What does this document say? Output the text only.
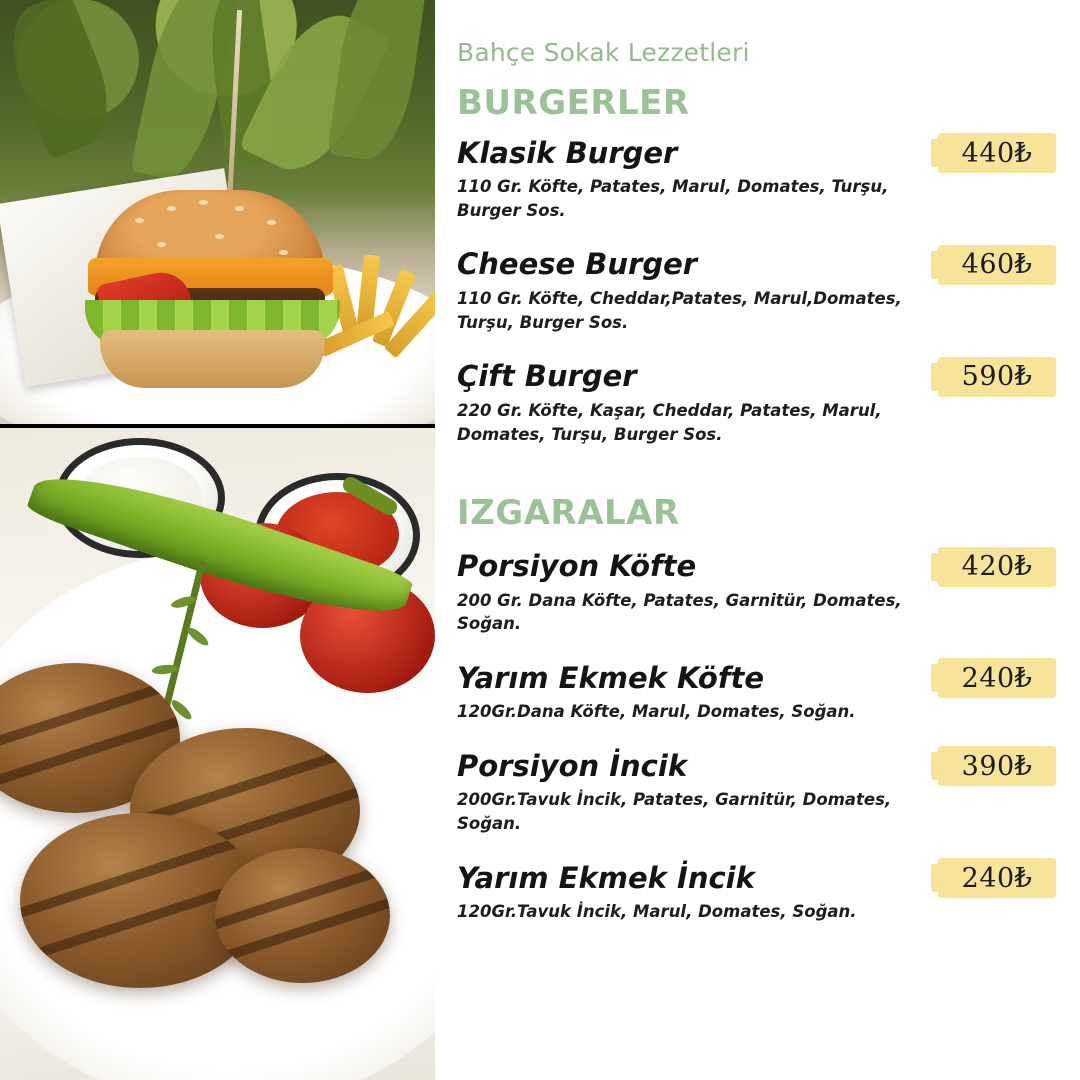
Bahçe Sokak Lezzetleri
BURGERLER
Klasik Burger	440₺
110 Gr. Köfte, Patates, Marul, Domates, Turşu, Burger Sos.
Cheese Burger	460₺
110 Gr. Köfte, Cheddar,Patates, Marul,Domates, Turşu, Burger Sos.
Çift Burger	590₺
220 Gr. Köfte, Kaşar, Cheddar, Patates, Marul, Domates, Turşu, Burger Sos.
IZGARALAR
Porsiyon Köfte	420₺
200 Gr. Dana Köfte, Patates, Garnitür, Domates, Soğan.
Yarım Ekmek Köfte	240₺
120Gr.Dana Köfte, Marul, Domates, Soğan.
Porsiyon İncik	390₺
200Gr.Tavuk İncik, Patates, Garnitür, Domates, Soğan.
Yarım Ekmek İncik	240₺
120Gr.Tavuk İncik, Marul, Domates, Soğan.
